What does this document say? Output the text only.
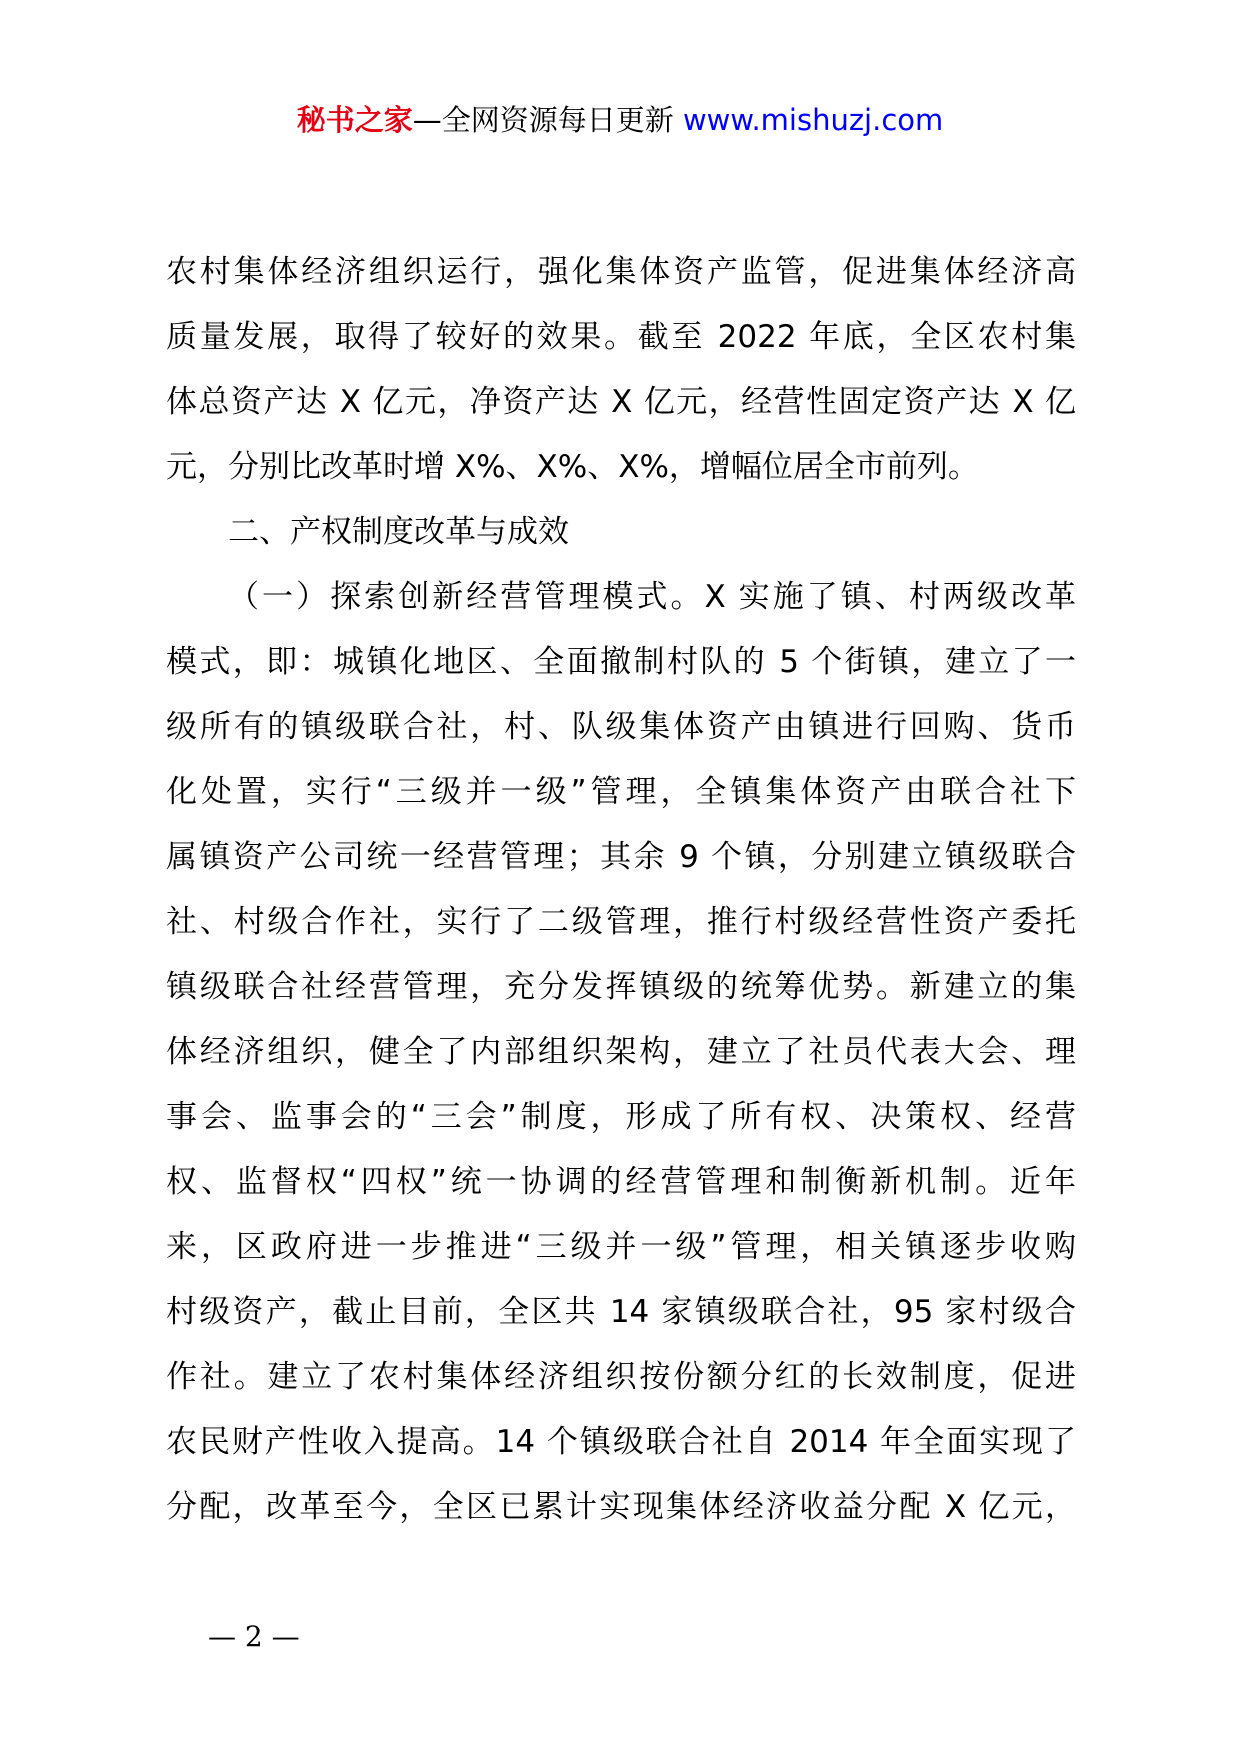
秘书之家—全网资源每日更新 www.mishuzj.com
农村集体经济组织运行，强化集体资产监管，促进集体经济高
质量发展，取得了较好的效果。截至 2022 年底，全区农村集
体总资产达 X 亿元，净资产达 X 亿元，经营性固定资产达 X 亿
元，分别比改革时增 X%、X%、X%，增幅位居全市前列。
二、产权制度改革与成效
（一）探索创新经营管理模式。X 实施了镇、村两级改革
模式，即：城镇化地区、全面撤制村队的 5 个街镇，建立了一
级所有的镇级联合社，村、队级集体资产由镇进行回购、货币
化处置，实行“三级并一级”管理，全镇集体资产由联合社下
属镇资产公司统一经营管理；其余 9 个镇，分别建立镇级联合
社、村级合作社，实行了二级管理，推行村级经营性资产委托
镇级联合社经营管理，充分发挥镇级的统筹优势。新建立的集
体经济组织，健全了内部组织架构，建立了社员代表大会、理
事会、监事会的“三会”制度，形成了所有权、决策权、经营
权、监督权“四权”统一协调的经营管理和制衡新机制。近年
来，区政府进一步推进“三级并一级”管理，相关镇逐步收购
村级资产，截止目前，全区共 14 家镇级联合社，95 家村级合
作社。建立了农村集体经济组织按份额分红的长效制度，促进
农民财产性收入提高。14 个镇级联合社自 2014 年全面实现了
分配，改革至今，全区已累计实现集体经济收益分配 X 亿元，
— 2 —
